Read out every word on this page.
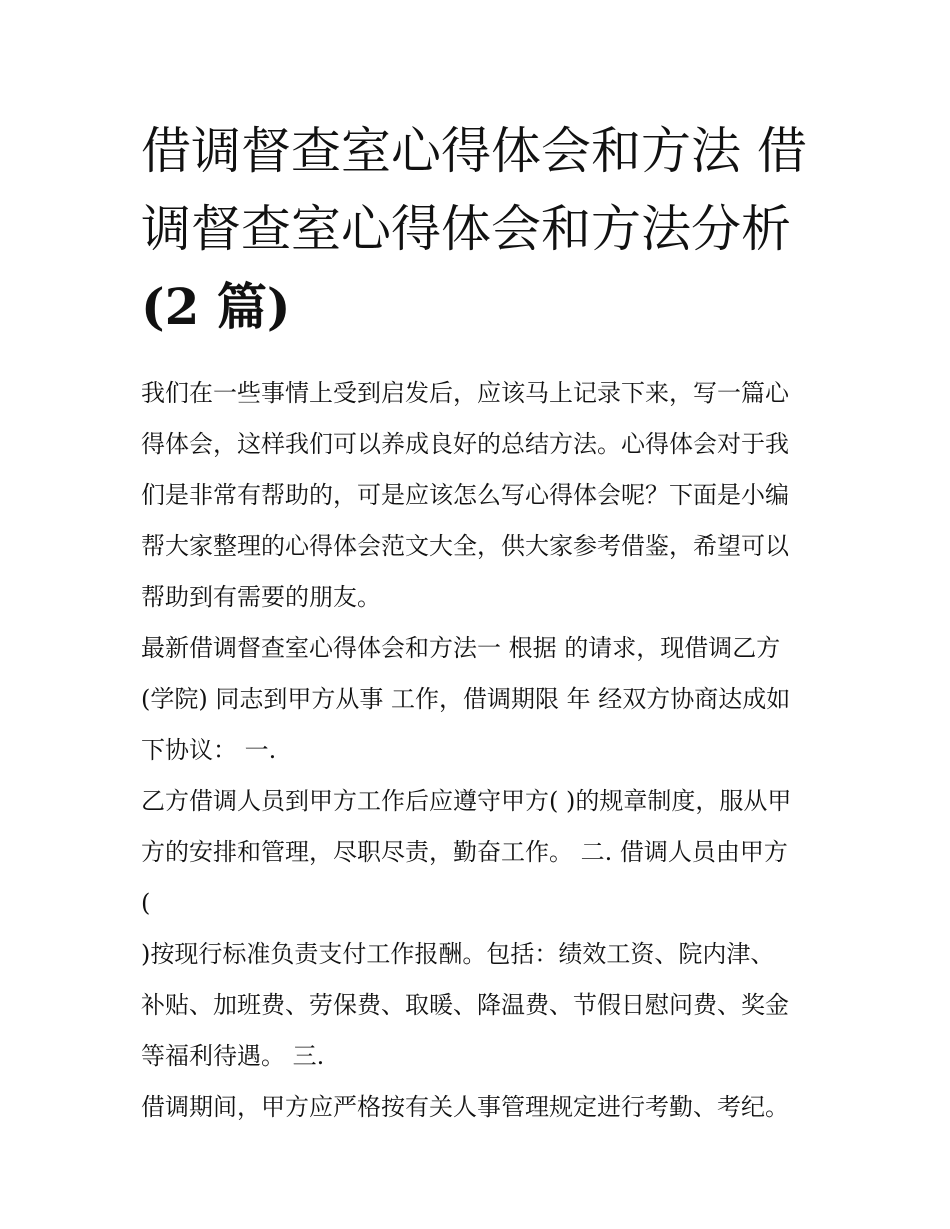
借调督查室心得体会和方法 借
调督查室心得体会和方法分析
(2 篇)
我们在一些事情上受到启发后，应该马上记录下来，写一篇心
得体会，这样我们可以养成良好的总结方法。心得体会对于我
们是非常有帮助的，可是应该怎么写心得体会呢？下面是小编
帮大家整理的心得体会范文大全，供大家参考借鉴，希望可以
帮助到有需要的朋友。
最新借调督查室心得体会和方法一 根据 的请求，现借调乙方
(学院) 同志到甲方从事 工作，借调期限 年 经双方协商达成如
下协议： 一.
乙方借调人员到甲方工作后应遵守甲方( )的规章制度，服从甲
方的安排和管理，尽职尽责，勤奋工作。 二. 借调人员由甲方
(
)按现行标准负责支付工作报酬。包括：绩效工资、院内津、
补贴、加班费、劳保费、取暖、降温费、节假日慰问费、奖金
等福利待遇。 三.
借调期间，甲方应严格按有关人事管理规定进行考勤、考纪。
